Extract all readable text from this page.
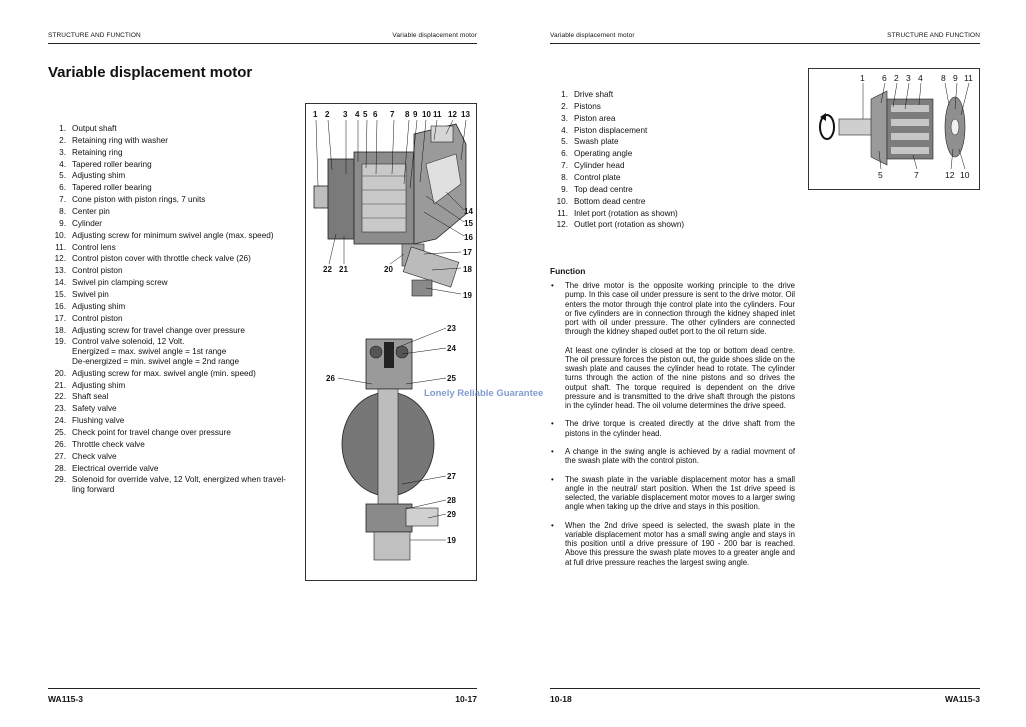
STRUCTURE AND FUNCTION	Variable displacement motor
Variable displacement motor
1. Output shaft
2. Retaining ring with washer
3. Retaining ring
4. Tapered roller bearing
5. Adjusting shim
6. Tapered roller bearing
7. Cone piston with piston rings, 7 units
8. Center pin
9. Cylinder
10. Adjusting screw for minimum swivel angle (max. speed)
11. Control lens
12. Control piston cover with throttle check valve (26)
13. Control piston
14. Swivel pin clamping screw
15. Swivel pin
16. Adjusting shim
17. Control piston
18. Adjusting screw for travel change over pressure
19. Control valve solenoid, 12 Volt.
Energized = max. swivel angle = 1st range
De-energized = min. swivel angle = 2nd range
20. Adjusting screw for max. swivel angle (min. speed)
21. Adjusting shim
22. Shaft seal
23. Safety valve
24. Flushing valve
25. Check point for travel change over pressure
26. Throttle check valve
27. Check valve
28. Electrical override valve
29. Solenoid for override valve, 12 Volt, energized when travel-
ling forward
WA115-3	10-17
1 2 3 4 5 6 7 8 9 10 11 12 13
14
15
16
17
18
19
22 21	20
23
24
26	25
27
28
29
19
Lonely Reliable Guarantee
Variable displacement motor	STRUCTURE AND FUNCTION
1. Drive shaft
2. Pistons
3. Piston area
4. Piston displacement
5. Swash plate
6. Operating angle
7. Cylinder head
8. Control plate
9. Top dead centre
10. Bottom dead centre
11. Inlet port (rotation as shown)
12. Outlet port (rotation as shown)
10-18	WA115-3
1 6 2 3 4 8 9 11
5	7	12 10
Function
• The drive motor is the opposite working principle to the drive pump. In this case oil under pressure is sent to the drive motor. Oil enters the motor through thje control plate into the cylinders. Four or five cylinders are in connection through the kidney shaped inlet port with oil under pressure. The other cylinders are connected through the kidney shaped outlet port to the oil return side.
At least one cylinder is closed at the top or bottom dead centre. The oil pressure forces the piston out, the guide shoes slide on the swash plate and causes the cylinder head to rotate. The cylinder turns through the action of the nine pistons and so drives the output shaft. The torque required is dependent on the drive pressure and is transmitted to the drive shaft through the pistons in the cylinder head. The oil volume determines the drive speed.
• The drive torque is created directly at the drive shaft from the pistons in the cylinder head.
• A change in the swing angle is achieved by a radial movment of the swash plate with the control piston.
• The swash plate in the variable displacement motor has a small angle in the neutral/ start position. When the 1st drive speed is selected, the variable displacement motor moves to a larger swing angle when taking up the drive and stays in this position.
• When the 2nd drive speed is selected, the swash plate in the variable displacement motor has a small swing angle and stays in this position until a drive pressure of 190 - 200 bar is reached. Above this pressure the swash plate moves to a greater angle and at full drive pressure reaches the largest swing angle.
